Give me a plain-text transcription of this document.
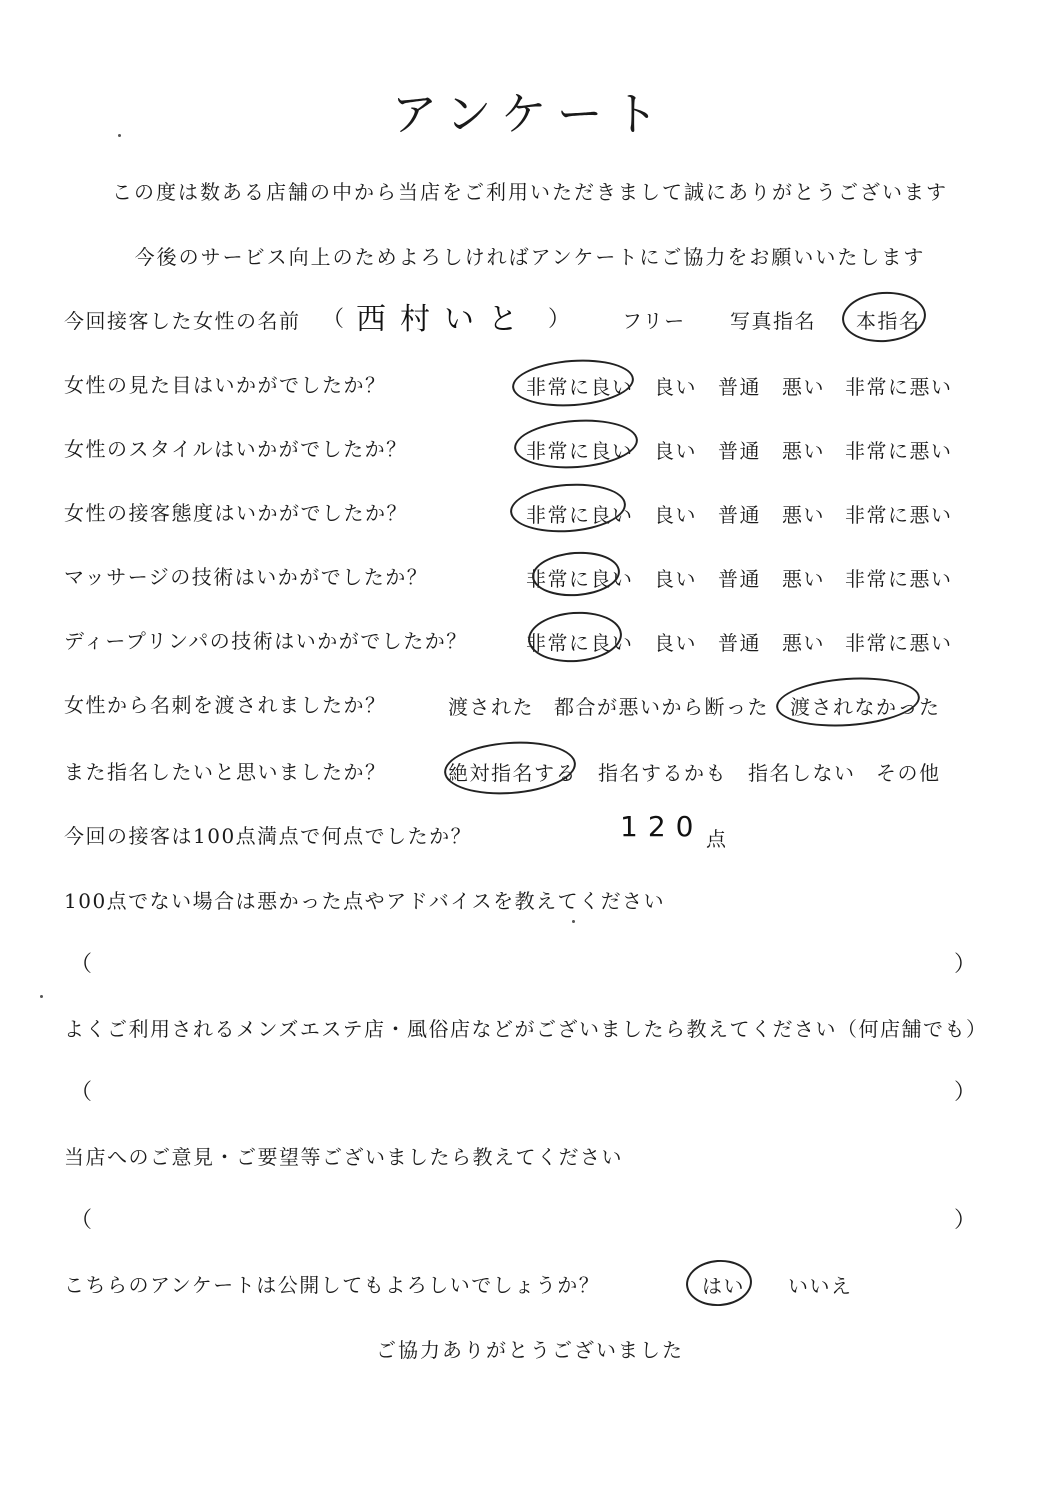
アンケート
この度は数ある店舗の中から当店をご利用いただきまして誠にありがとうございます
今後のサービス向上のためよろしければアンケートにご協力をお願いいたします
今回接客した女性の名前 （ 西村いと ）	フリー 写真指名 本指名
女性の見た目はいかがでしたか？	非常に良い 良い 普通 悪い 非常に悪い
女性のスタイルはいかがでしたか？	非常に良い 良い 普通 悪い 非常に悪い
女性の接客態度はいかがでしたか？	非常に良い 良い 普通 悪い 非常に悪い
マッサージの技術はいかがでしたか？	非常に良い 良い 普通 悪い 非常に悪い
ディープリンパの技術はいかがでしたか？	非常に良い 良い 普通 悪い 非常に悪い
女性から名刺を渡されましたか？	渡された 都合が悪いから断った 渡されなかった
また指名したいと思いましたか？	絶対指名する 指名するかも 指名しない その他
今回の接客は100点満点で何点でしたか？	120 点
100点でない場合は悪かった点やアドバイスを教えてください
（	）
よくご利用されるメンズエステ店・風俗店などがございましたら教えてください（何店舗でも）
（	）
当店へのご意見・ご要望等ございましたら教えてください
（	）
こちらのアンケートは公開してもよろしいでしょうか？	はい いいえ
ご協力ありがとうございました
